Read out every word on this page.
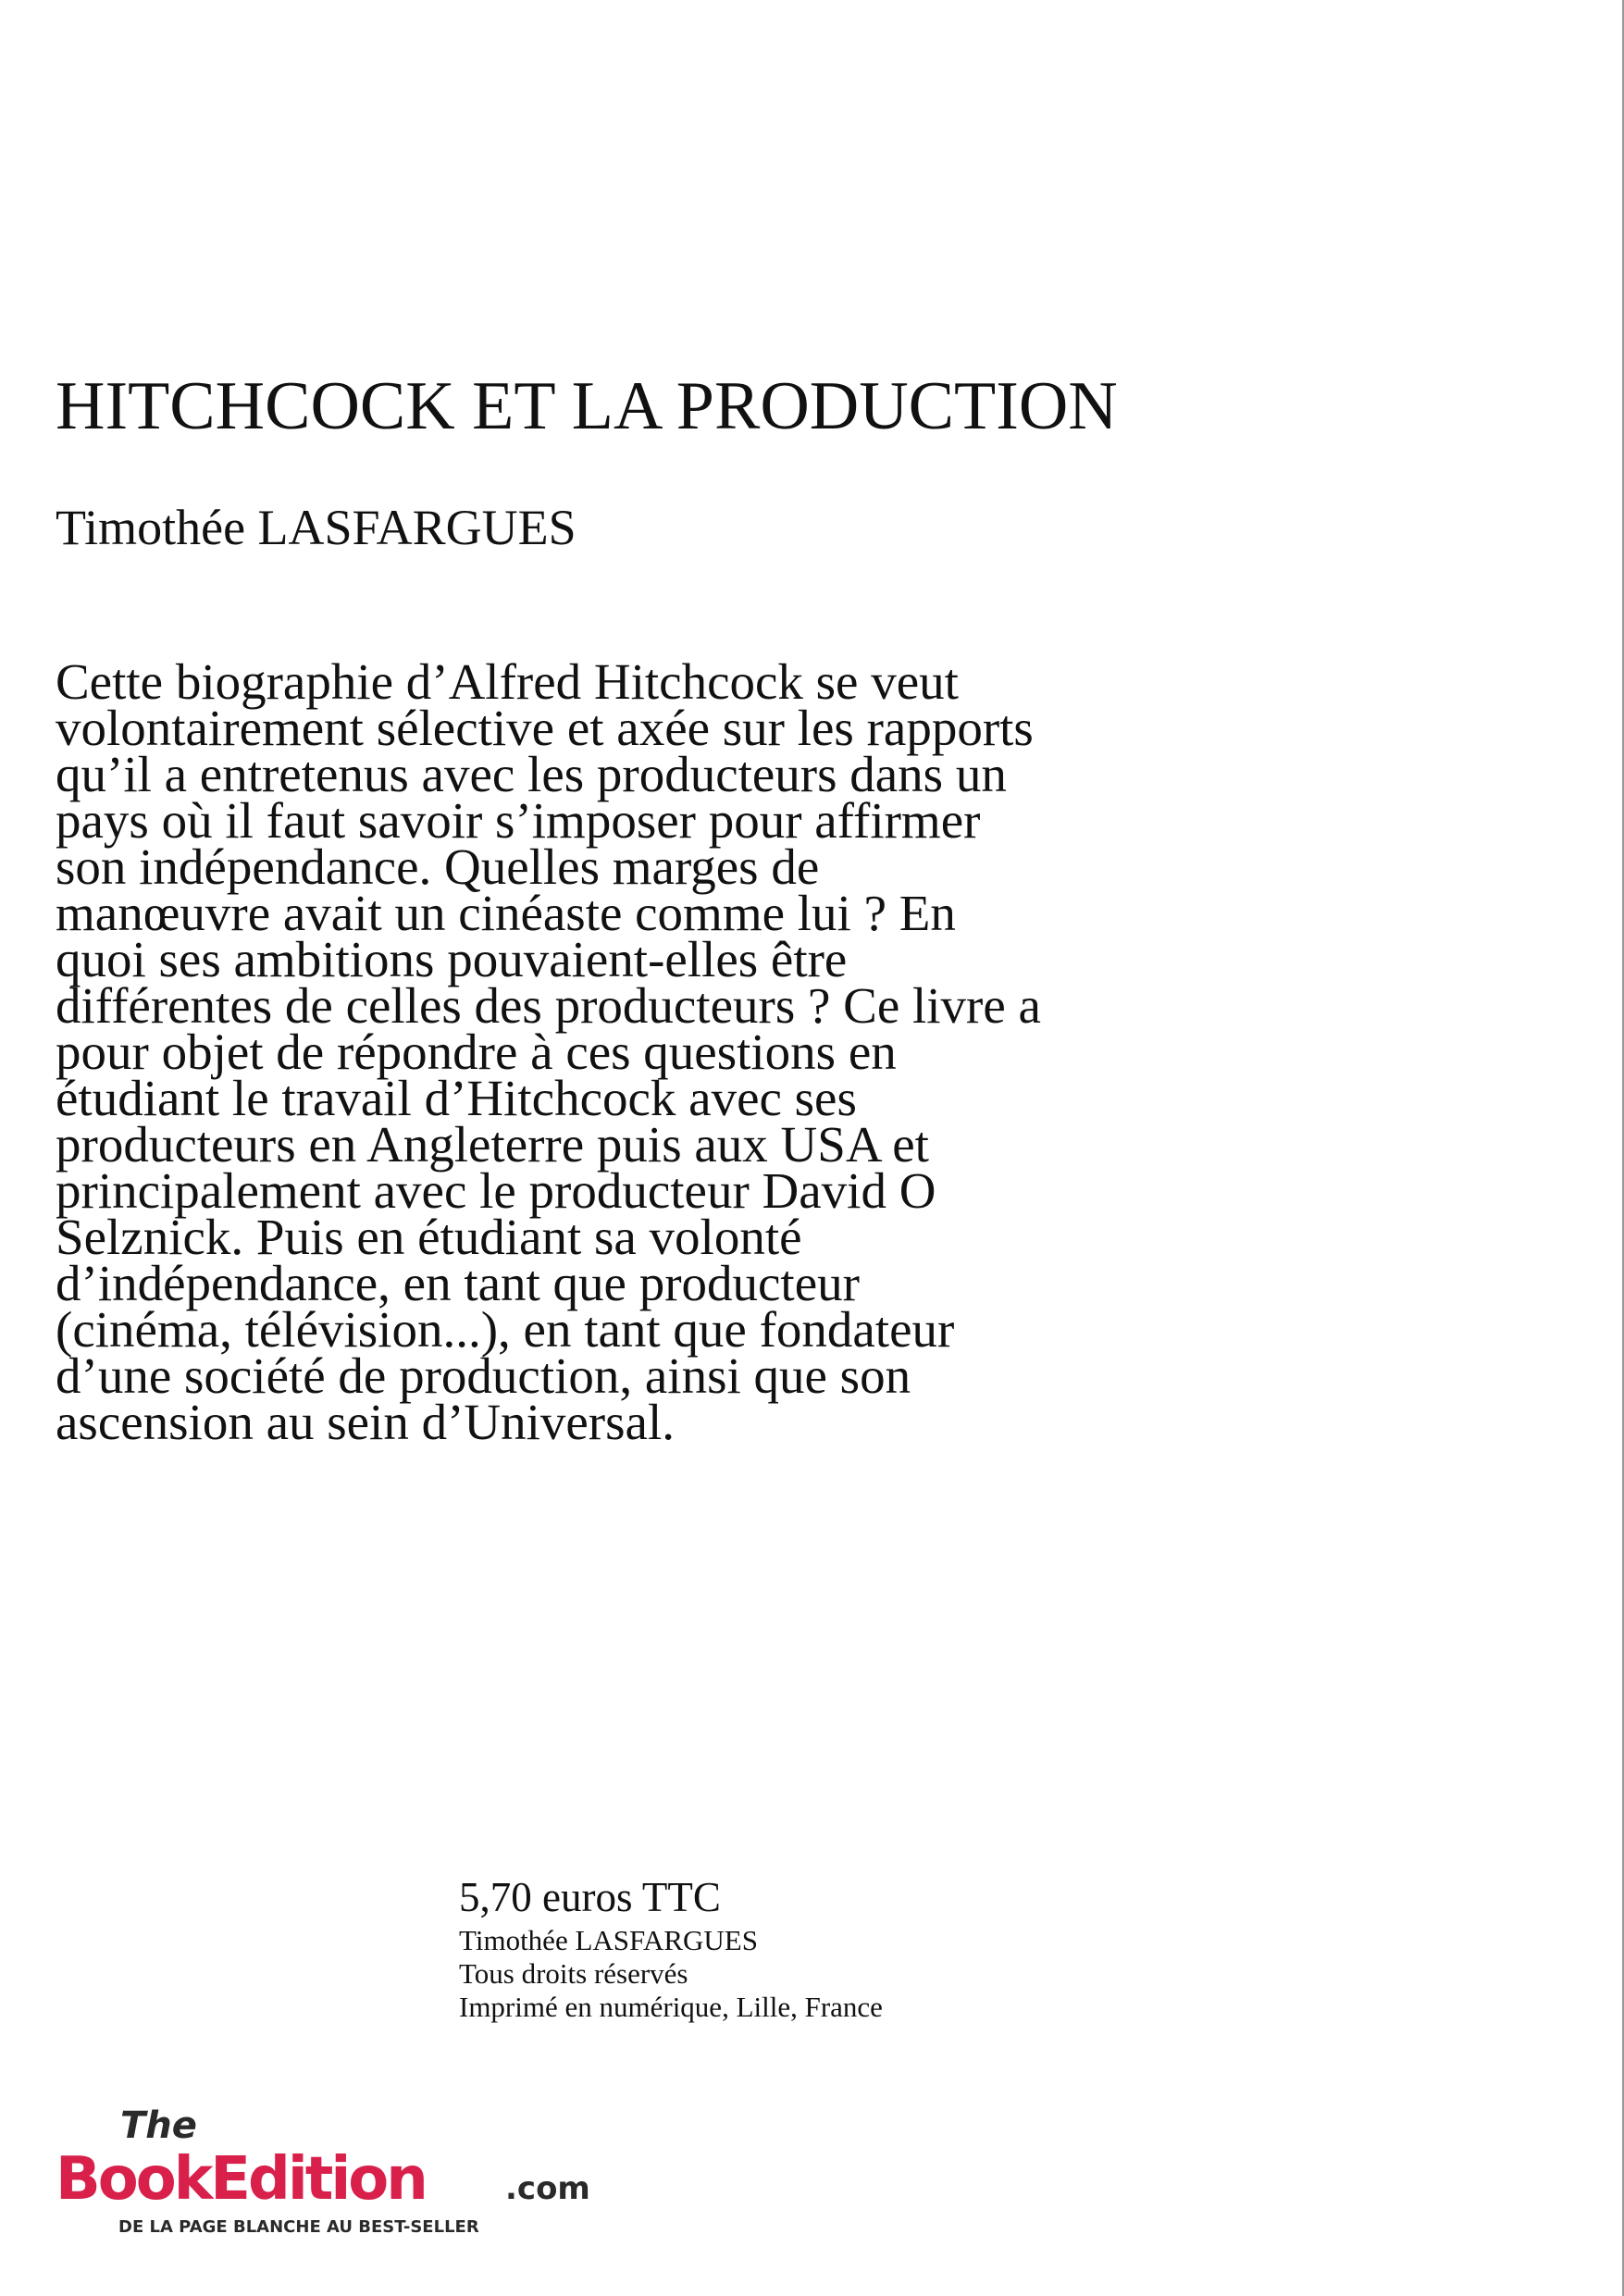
HITCHCOCK ET LA PRODUCTION

Timothée LASFARGUES

Cette biographie d’Alfred Hitchcock se veut
volontairement sélective et axée sur les rapports
qu’il a entretenus avec les producteurs dans un
pays où il faut savoir s’imposer pour affirmer
son indépendance. Quelles marges de
manœuvre avait un cinéaste comme lui ? En
quoi ses ambitions pouvaient-elles être
différentes de celles des producteurs ? Ce livre a
pour objet de répondre à ces questions en
étudiant le travail d’Hitchcock avec ses
producteurs en Angleterre puis aux USA et
principalement avec le producteur David O
Selznick. Puis en étudiant sa volonté
d’indépendance, en tant que producteur
(cinéma, télévision...), en tant que fondateur
d’une société de production, ainsi que son
ascension au sein d’Universal.

5,70 euros TTC
Timothée LASFARGUES
Tous droits réservés
Imprimé en numérique, Lille, France
The
BookEdition	.com
DE LA PAGE BLANCHE AU BEST-SELLER
